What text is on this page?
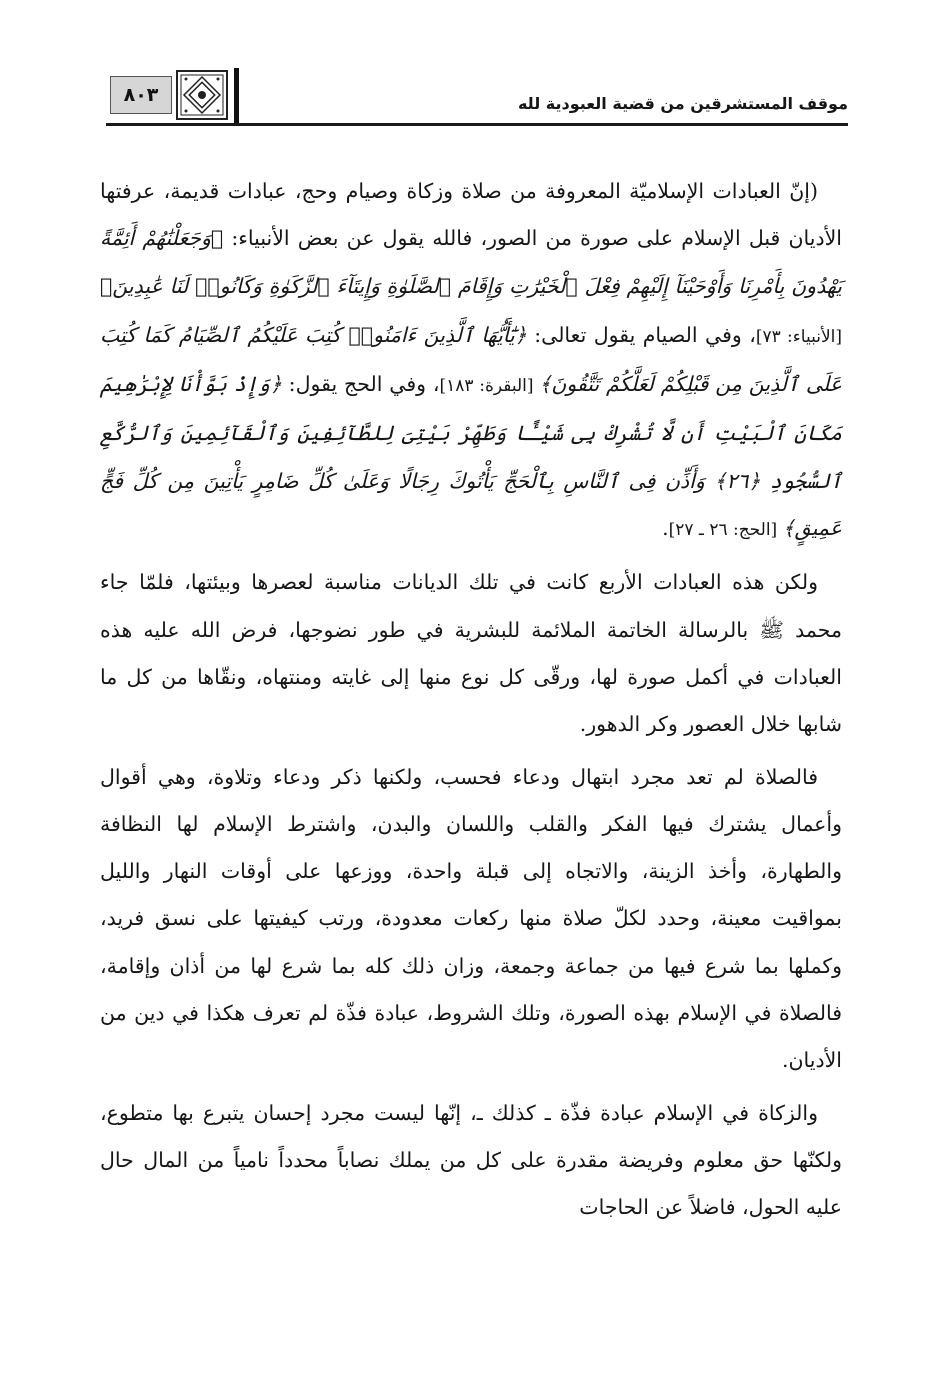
٨٠٣	موقف المستشرقين من قضية العبودية لله

(إنّ العبادات الإسلاميّة المعروفة من صلاة وزكاة وصيام وحج، عبادات قديمة، عرفتها الأديان قبل الإسلام على صورة من الصور، فالله يقول عن بعض الأنبياء: ﴿وَجَعَلْنَٰهُمْ أَئِمَّةً يَهْدُونَ بِأَمْرِنَا وَأَوْحَيْنَآ إِلَيْهِمْ فِعْلَ ٱلْخَيْرَٰتِ وَإِقَامَ ٱلصَّلَوٰةِ وَإِيتَآءَ ٱلزَّكَوٰةِ وَكَانُوا۟ لَنَا عَٰبِدِينَ﴾ [الأنبياء: ٧٣]، وفي الصيام يقول تعالى: ﴿يَٰٓأَيُّهَا ٱلَّذِينَ ءَامَنُوا۟ كُتِبَ عَلَيْكُمُ ٱلصِّيَامُ كَمَا كُتِبَ عَلَى ٱلَّذِينَ مِن قَبْلِكُمْ لَعَلَّكُمْ تَتَّقُونَ﴾ [البقرة: ١٨٣]، وفي الحج يقول: ﴿وَإِذْ بَوَّأْنَا لِإِبْرَٰهِيمَ مَكَانَ ٱلْبَيْتِ أَن لَّا تُشْرِكْ بِى شَيْـًٔا وَطَهِّرْ بَيْتِىَ لِلطَّآئِفِينَ وَٱلْقَآئِمِينَ وَٱلرُّكَّعِ ٱلسُّجُودِ ﴿٢٦﴾ وَأَذِّن فِى ٱلنَّاسِ بِٱلْحَجِّ يَأْتُوكَ رِجَالًا وَعَلَىٰ كُلِّ ضَامِرٍ يَأْتِينَ مِن كُلِّ فَجٍّ عَمِيقٍ﴾ [الحج: ٢٦ ـ ٢٧].

ولكن هذه العبادات الأربع كانت في تلك الديانات مناسبة لعصرها وبيئتها، فلمّا جاء محمد ﷺ بالرسالة الخاتمة الملائمة للبشرية في طور نضوجها، فرض الله عليه هذه العبادات في أكمل صورة لها، ورقّى كل نوع منها إلى غايته ومنتهاه، ونقّاها من كل ما شابها خلال العصور وكر الدهور.

فالصلاة لم تعد مجرد ابتهال ودعاء فحسب، ولكنها ذكر ودعاء وتلاوة، وهي أقوال وأعمال يشترك فيها الفكر والقلب واللسان والبدن، واشترط الإسلام لها النظافة والطهارة، وأخذ الزينة، والاتجاه إلى قبلة واحدة، ووزعها على أوقات النهار والليل بمواقيت معينة، وحدد لكلّ صلاة منها ركعات معدودة، ورتب كيفيتها على نسق فريد، وكملها بما شرع فيها من جماعة وجمعة، وزان ذلك كله بما شرع لها من أذان وإقامة، فالصلاة في الإسلام بهذه الصورة، وتلك الشروط، عبادة فذّة لم تعرف هكذا في دين من الأديان.

والزكاة في الإسلام عبادة فذّة ـ كذلك ـ، إنّها ليست مجرد إحسان يتبرع بها متطوع، ولكنّها حق معلوم وفريضة مقدرة على كل من يملك نصاباً محدداً نامياً من المال حال عليه الحول، فاضلاً عن الحاجات
